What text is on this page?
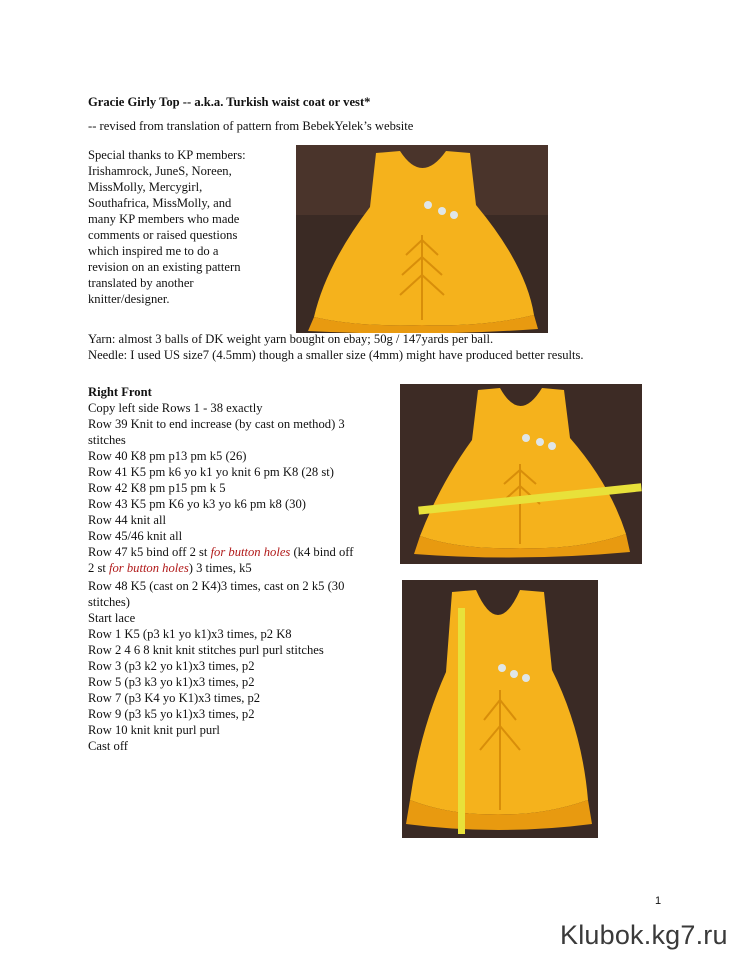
Gracie Girly Top -- a.k.a. Turkish waist coat or vest*
-- revised from translation of pattern from BebekYelek’s website
Special thanks to KP members:
Irishamrock, JuneS, Noreen,
MissMolly, Mercygirl,
Southafrica, MissMolly, and
many KP members who made
comments or raised questions
which inspired me to do a
revision on an existing pattern
translated by another
knitter/designer.
Yarn: almost 3 balls of DK weight yarn bought on ebay; 50g / 147yards per ball.
Needle: I used US size7 (4.5mm) though a smaller size (4mm) might have produced better results.
Right Front
Copy left side Rows 1 - 38 exactly
Row 39 Knit to end increase (by cast on method) 3
stitches
Row 40 K8 pm p13 pm k5 (26)
Row 41 K5 pm k6 yo k1 yo knit 6 pm K8 (28 st)
Row 42 K8 pm p15 pm k 5
Row 43 K5 pm K6 yo k3 yo k6 pm k8 (30)
Row 44 knit all
Row 45/46 knit all
Row 47 k5 bind off 2 st for button holes (k4 bind off
2 st for button holes) 3 times, k5
Row 48 K5 (cast on 2 K4)3 times, cast on 2 k5 (30
stitches)
Start lace
Row 1 K5 (p3 k1 yo k1)x3 times, p2 K8
Row 2 4 6 8 knit knit stitches purl purl stitches
Row 3 (p3 k2 yo k1)x3 times, p2
Row 5 (p3 k3 yo k1)x3 times, p2
Row 7 (p3 K4 yo K1)x3 times, p2
Row 9 (p3 k5 yo k1)x3 times, p2
Row 10 knit knit purl purl
Cast off
1
Klubok.kg7.ru
